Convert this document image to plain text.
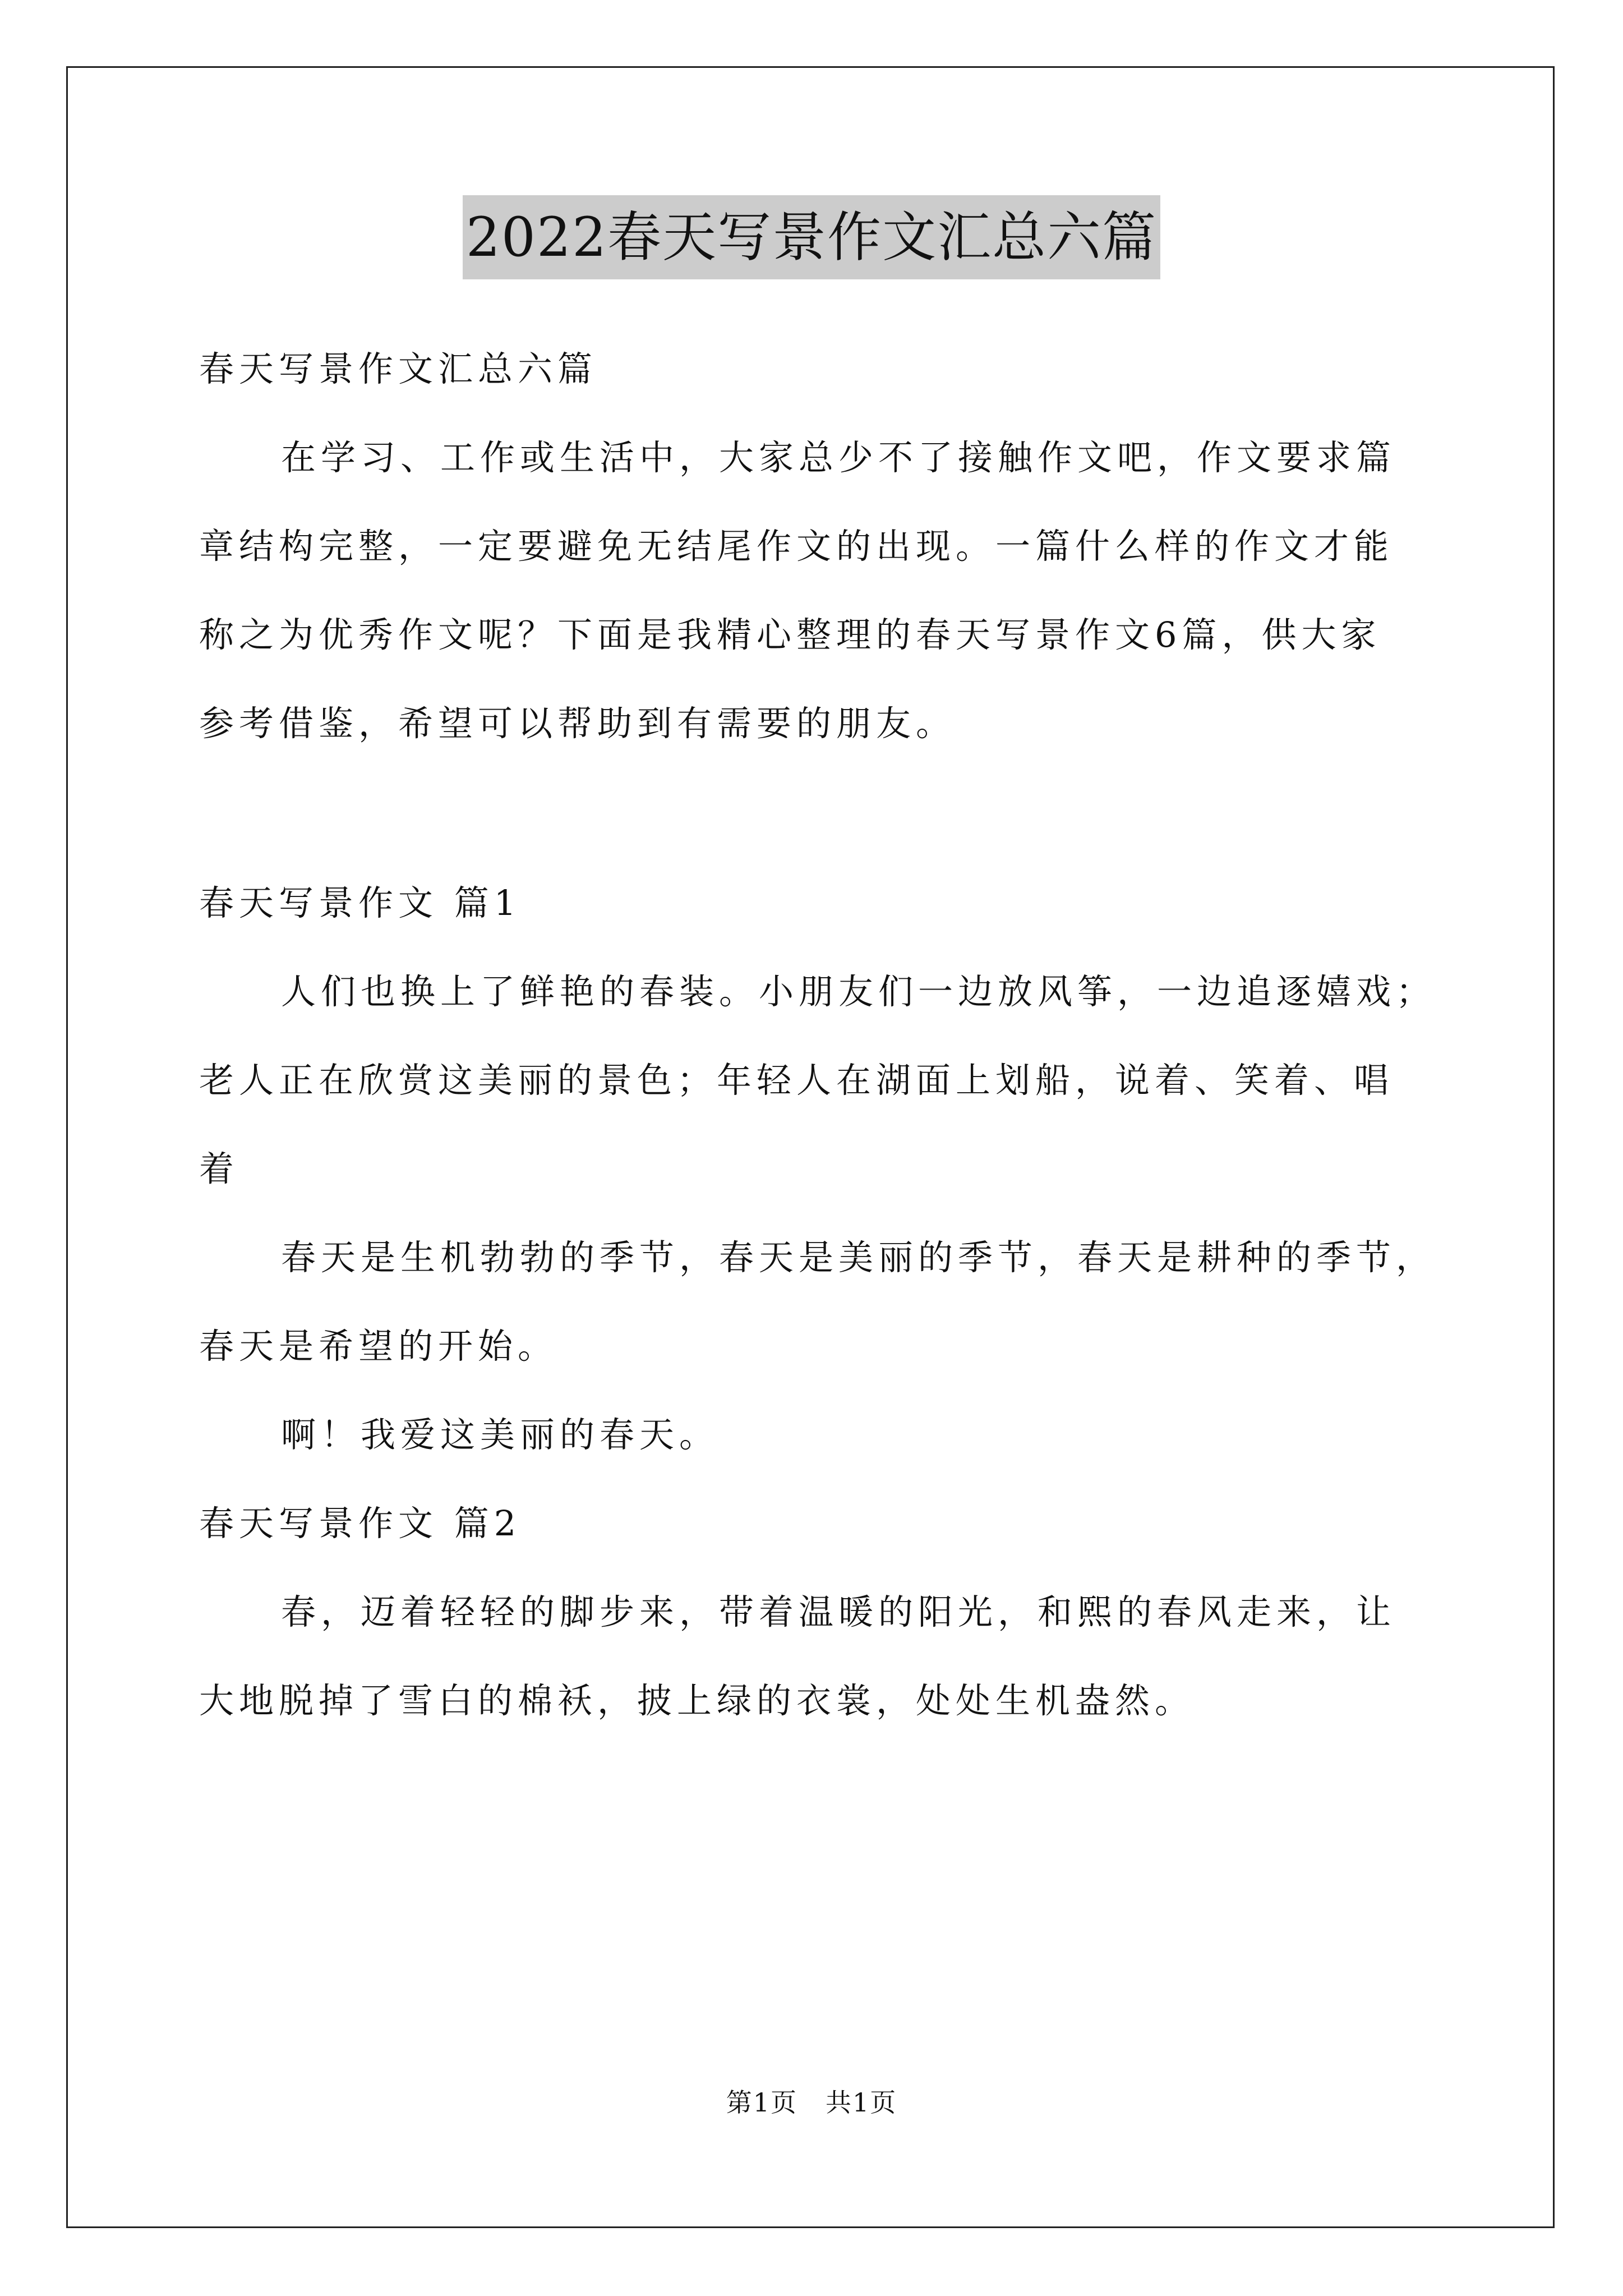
2022春天写景作文汇总六篇

春天写景作文汇总六篇

在学习、工作或生活中，大家总少不了接触作文吧，作文要求篇

章结构完整，一定要避免无结尾作文的出现。一篇什么样的作文才能

称之为优秀作文呢？下面是我精心整理的春天写景作文6篇，供大家

参考借鉴，希望可以帮助到有需要的朋友。

春天写景作文 篇1

人们也换上了鲜艳的春装。小朋友们一边放风筝，一边追逐嬉戏；

老人正在欣赏这美丽的景色；年轻人在湖面上划船，说着、笑着、唱

着

春天是生机勃勃的季节，春天是美丽的季节，春天是耕种的季节，

春天是希望的开始。

啊！我爱这美丽的春天。

春天写景作文 篇2

春，迈着轻轻的脚步来，带着温暖的阳光，和熙的春风走来，让

大地脱掉了雪白的棉袄，披上绿的衣裳，处处生机盎然。

第1页 共1页
